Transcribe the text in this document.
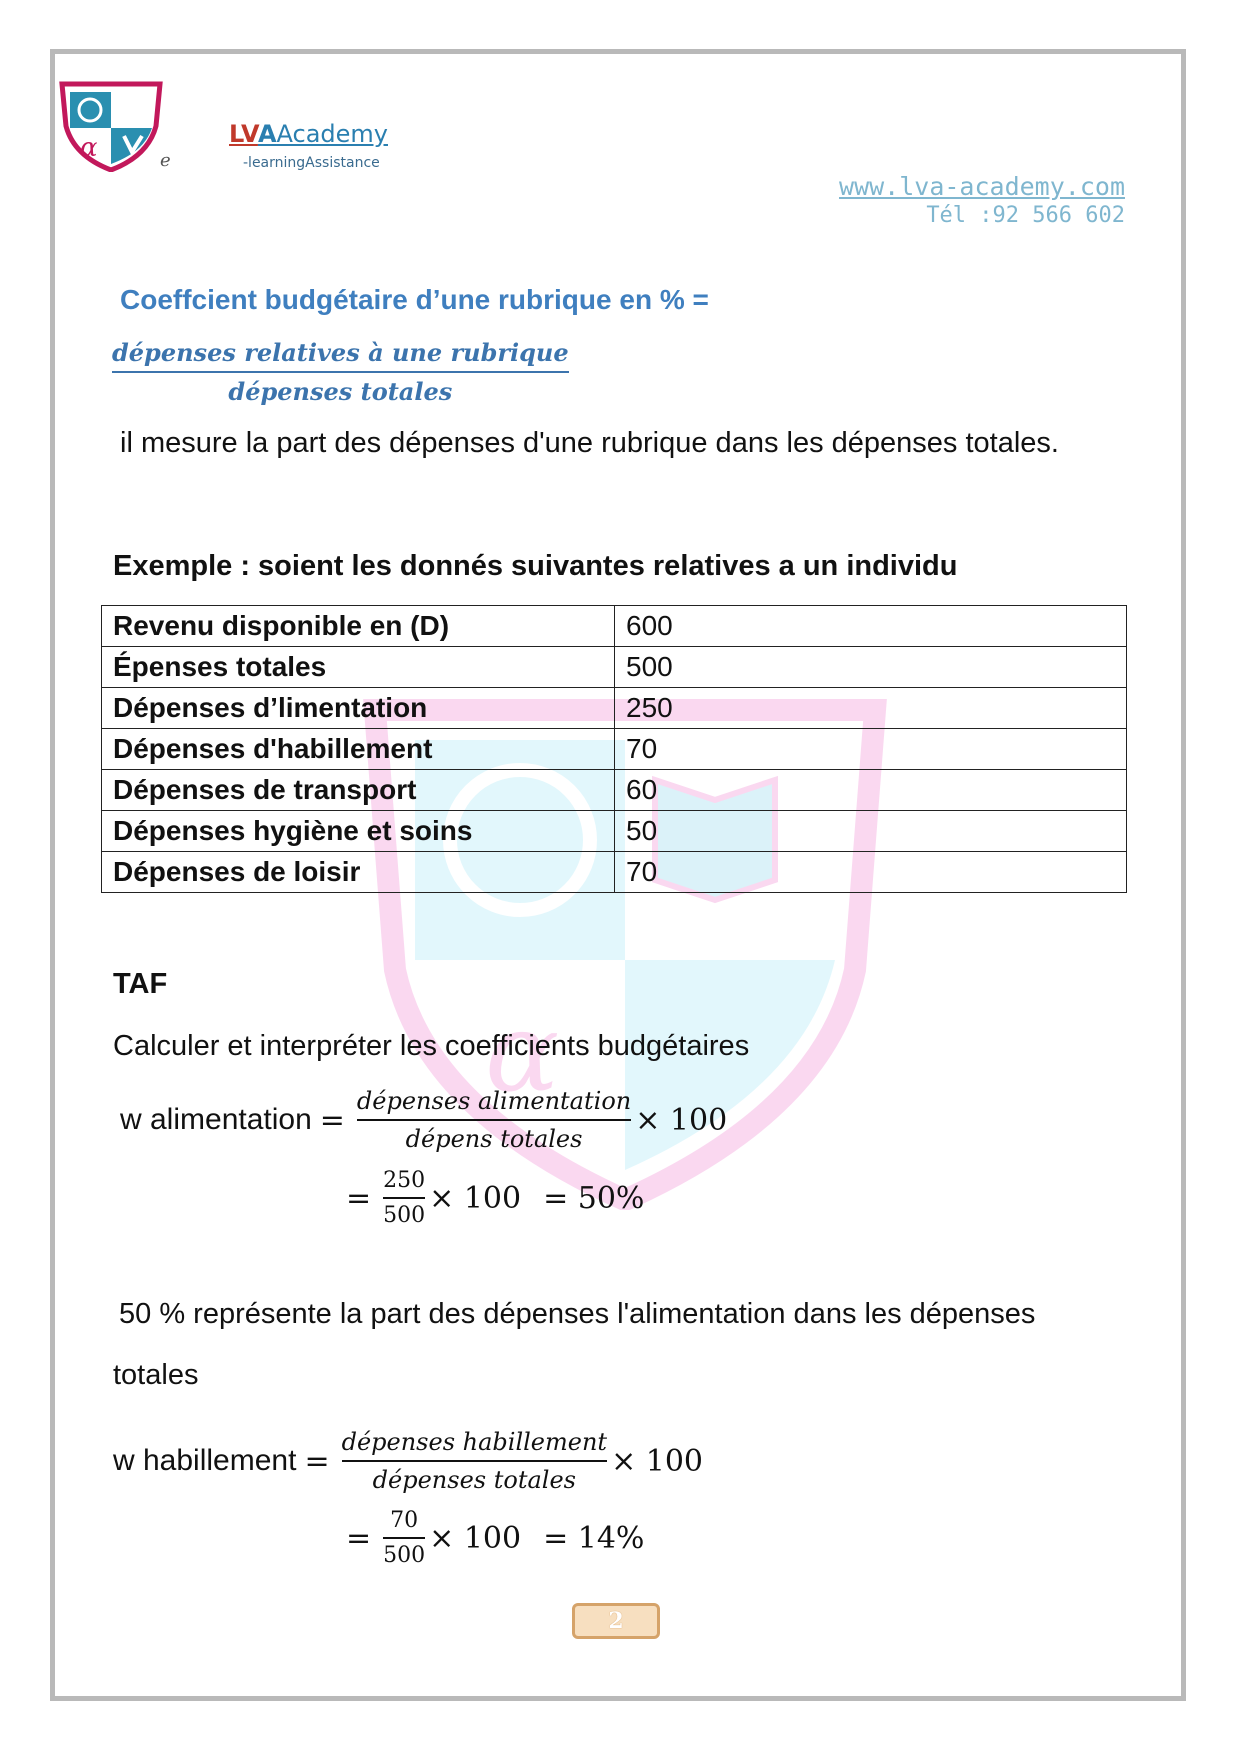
α
α	e
LVAAcademy
-learningAssistance
www.lva-academy.com
Tél :92 566 602
Coeffcient budgétaire d’une rubrique en % =
dépenses relatives à une rubrique
dépenses totales
il mesure la part des dépenses d'une rubrique dans les dépenses totales.
Exemple : soient les donnés suivantes relatives a un individu
Revenu disponible en (D)	600
Épenses totales	500
Dépenses d’limentation	250
Dépenses d'habillement	70
Dépenses de transport	60
Dépenses hygiène et soins	50
Dépenses de loisir	70
TAF
Calculer et interpréter les coefficients budgétaires
w alimentation = $\frac{\text{dépenses alimentation}}{\text{dépens totales}} \times 100$
= $\frac{250}{500} \times 100 = 50\%$
50 % représente la part des dépenses l'alimentation dans les dépenses
totales
w habillement = $\frac{\text{dépenses habillement}}{\text{dépenses totales}} \times 100$
= $\frac{70}{500} \times 100 = 14\%$
2
